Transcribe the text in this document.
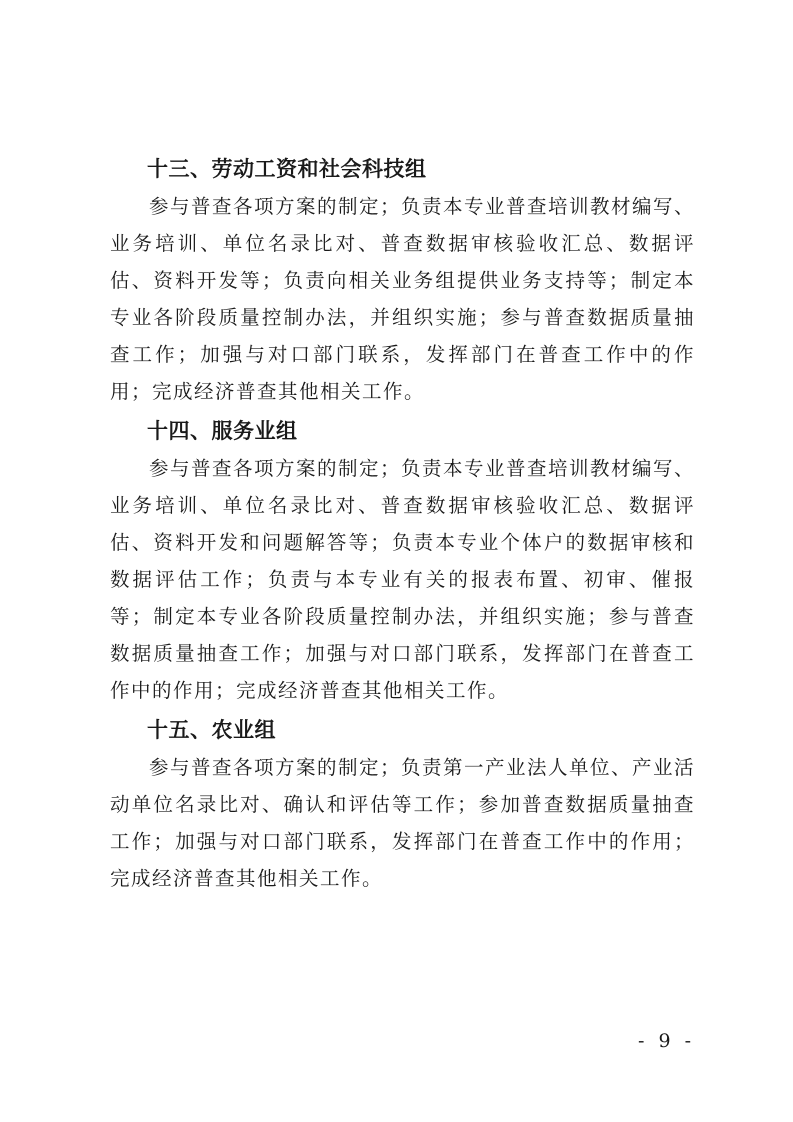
十三、劳动工资和社会科技组

参与普查各项方案的制定；负责本专业普查培训教材编写、业务培训、单位名录比对、普查数据审核验收汇总、数据评估、资料开发等；负责向相关业务组提供业务支持等；制定本专业各阶段质量控制办法，并组织实施；参与普查数据质量抽查工作；加强与对口部门联系，发挥部门在普查工作中的作用；完成经济普查其他相关工作。

十四、服务业组

参与普查各项方案的制定；负责本专业普查培训教材编写、业务培训、单位名录比对、普查数据审核验收汇总、数据评估、资料开发和问题解答等；负责本专业个体户的数据审核和数据评估工作；负责与本专业有关的报表布置、初审、催报等；制定本专业各阶段质量控制办法，并组织实施；参与普查数据质量抽查工作；加强与对口部门联系，发挥部门在普查工作中的作用；完成经济普查其他相关工作。

十五、农业组

参与普查各项方案的制定；负责第一产业法人单位、产业活动单位名录比对、确认和评估等工作；参加普查数据质量抽查工作；加强与对口部门联系，发挥部门在普查工作中的作用；完成经济普查其他相关工作。

- 9 -
